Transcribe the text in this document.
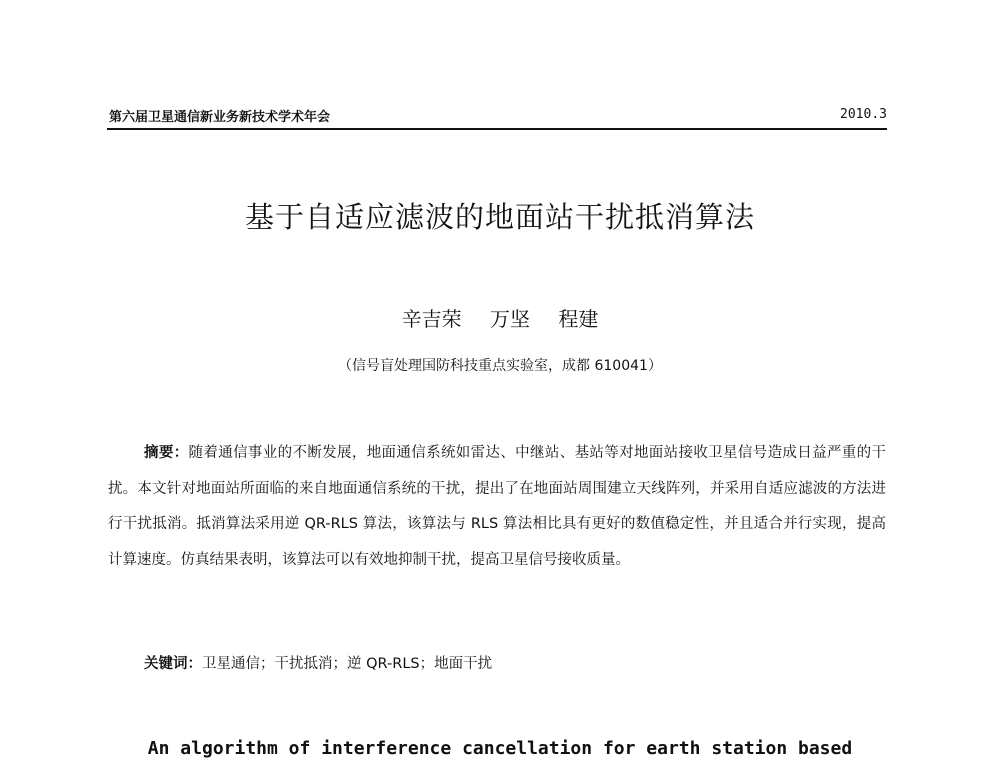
第六届卫星通信新业务新技术学术年会	2010.3
基于自适应滤波的地面站干扰抵消算法
辛吉荣 万坚 程建
（信号盲处理国防科技重点实验室，成都 610041）

摘要：随着通信事业的不断发展，地面通信系统如雷达、中继站、基站等对地面站接收卫星信号造成日益严重的干扰。本文针对地面站所面临的来自地面通信系统的干扰，提出了在地面站周围建立天线阵列，并采用自适应滤波的方法进行干扰抵消。抵消算法采用逆 QR-RLS 算法，该算法与 RLS 算法相比具有更好的数值稳定性，并且适合并行实现，提高计算速度。仿真结果表明，该算法可以有效地抑制干扰，提高卫星信号接收质量。

关键词：卫星通信；干扰抵消；逆 QR-RLS；地面干扰
An algorithm of interference cancellation for earth station based
